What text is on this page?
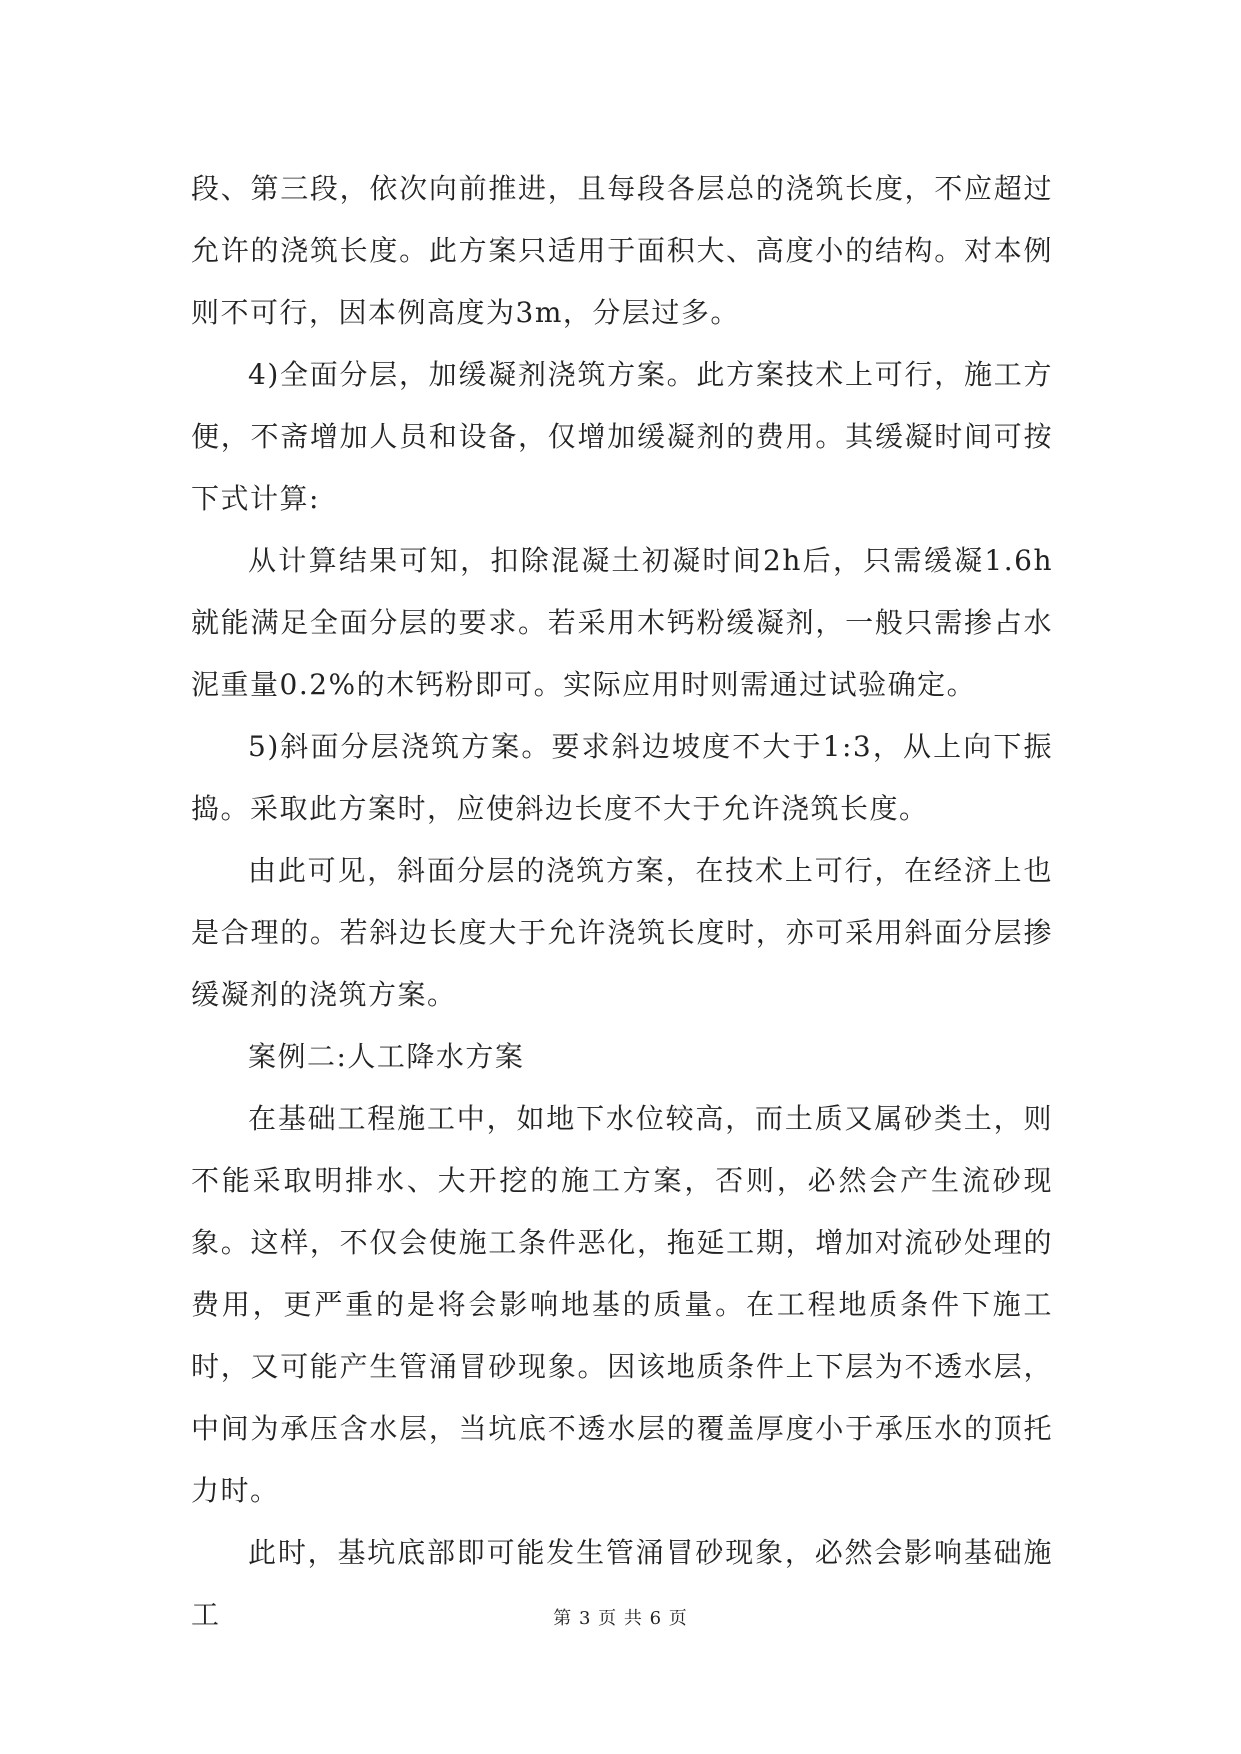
段、第三段，依次向前推进，且每段各层总的浇筑长度，不应超过允许的浇筑长度。此方案只适用于面积大、高度小的结构。对本例则不可行，因本例高度为3m，分层过多。

4)全面分层，加缓凝剂浇筑方案。此方案技术上可行，施工方便，不斋增加人员和设备，仅增加缓凝剂的费用。其缓凝时间可按下式计算:

从计算结果可知，扣除混凝土初凝时间2h后，只需缓凝1.6h就能满足全面分层的要求。若采用木钙粉缓凝剂，一般只需掺占水泥重量0.2%的木钙粉即可。实际应用时则需通过试验确定。

5)斜面分层浇筑方案。要求斜边坡度不大于1:3，从上向下振捣。采取此方案时，应使斜边长度不大于允许浇筑长度。

由此可见，斜面分层的浇筑方案，在技术上可行，在经济上也是合理的。若斜边长度大于允许浇筑长度时，亦可采用斜面分层掺缓凝剂的浇筑方案。

案例二:人工降水方案

在基础工程施工中，如地下水位较高，而土质又属砂类土，则不能采取明排水、大开挖的施工方案，否则，必然会产生流砂现象。这样，不仅会使施工条件恶化，拖延工期，增加对流砂处理的费用，更严重的是将会影响地基的质量。在工程地质条件下施工时，又可能产生管涌冒砂现象。因该地质条件上下层为不透水层，中间为承压含水层，当坑底不透水层的覆盖厚度小于承压水的顶托力时。

此时，基坑底部即可能发生管涌冒砂现象，必然会影响基础施工	第 3 页 共 6 页
